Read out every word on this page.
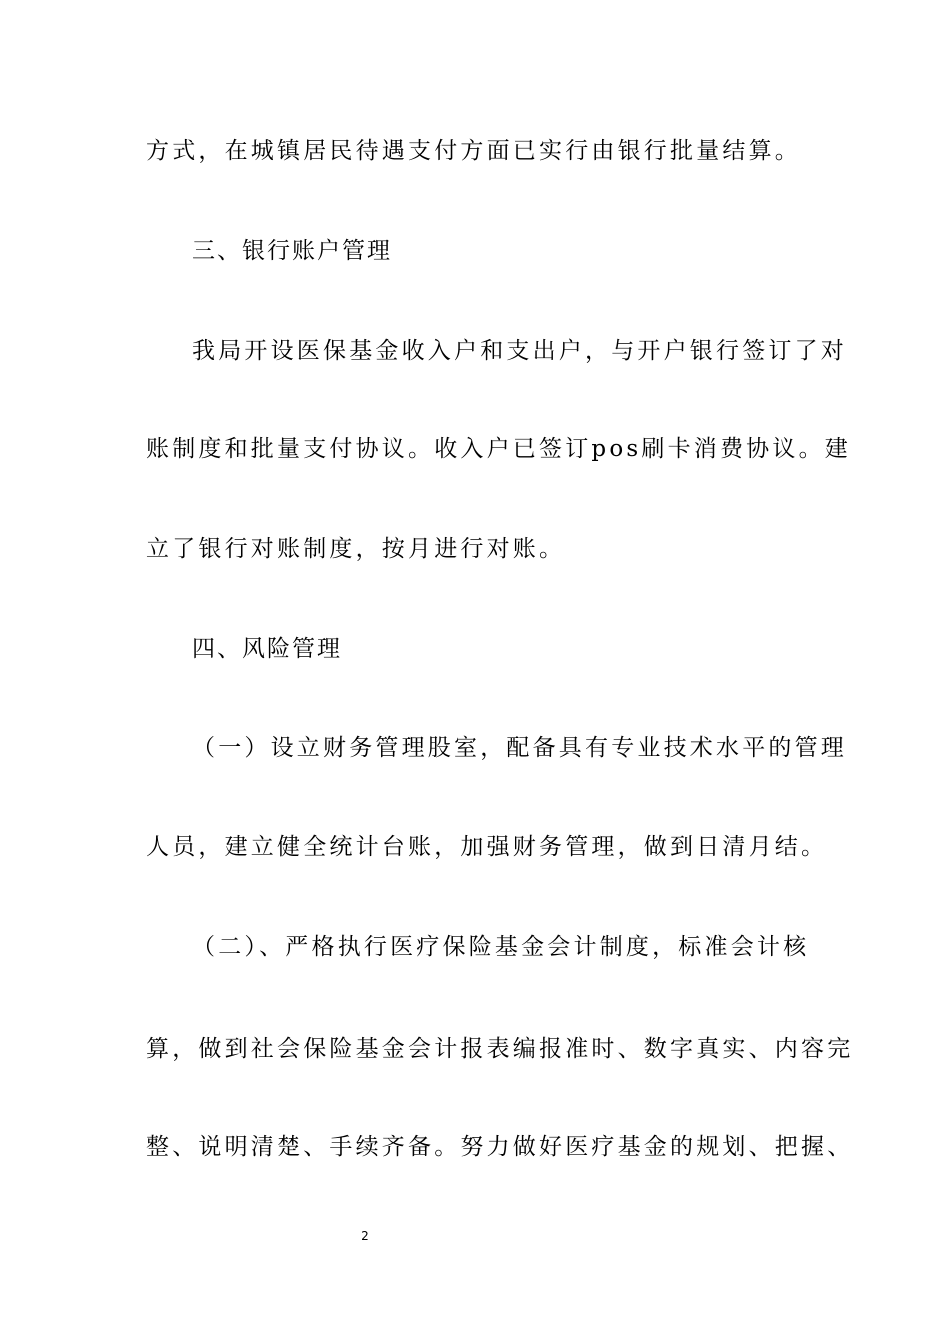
方式，在城镇居民待遇支付方面已实行由银行批量结算。
三、银行账户管理
我局开设医保基金收入户和支出户，与开户银行签订了对
账制度和批量支付协议。收入户已签订pos刷卡消费协议。建
立了银行对账制度，按月进行对账。
四、风险管理
（一）设立财务管理股室，配备具有专业技术水平的管理
人员，建立健全统计台账，加强财务管理，做到日清月结。
（二）、严格执行医疗保险基金会计制度，标准会计核
算，做到社会保险基金会计报表编报准时、数字真实、内容完
整、说明清楚、手续齐备。努力做好医疗基金的规划、把握、
2
